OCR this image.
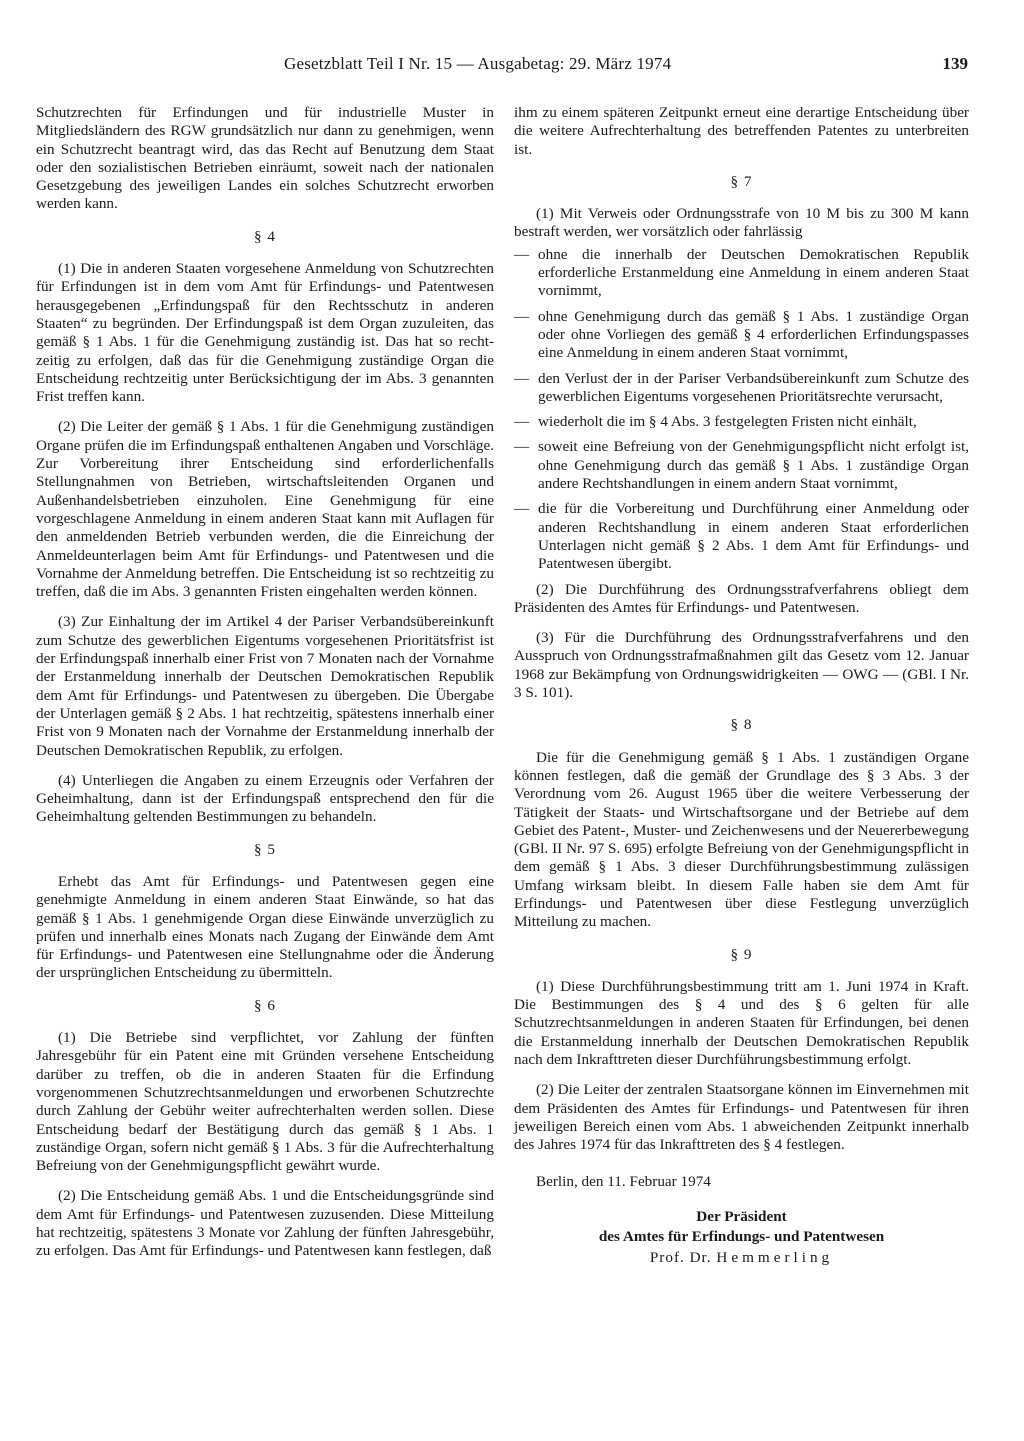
Gesetzblatt Teil I Nr. 15 — Ausgabetag: 29. März 1974	139

Schutzrechten für Erfindungen und für industrielle Muster in Mitgliedsländern des RGW grundsätzlich nur dann zu genehmigen, wenn ein Schutzrecht beantragt wird, das das Recht auf Benutzung dem Staat oder den sozialistischen Betrieben einräumt, soweit nach der nationalen Gesetzgebung des jeweiligen Landes ein solches Schutzrecht erworben werden kann.

§ 4

(1) Die in anderen Staaten vorgesehene Anmeldung von Schutzrechten für Erfindungen ist in dem vom Amt für Erfindungs- und Patentwesen herausgegebenen „Erfindungspaß für den Rechtsschutz in anderen Staaten“ zu begründen. Der Erfindungspaß ist dem Organ zuzuleiten, das gemäß § 1 Abs. 1 für die Genehmigung zuständig ist. Das hat so rechtzeitig zu erfolgen, daß das für die Genehmigung zuständige Organ die Entscheidung rechtzeitig unter Berücksichtigung der im Abs. 3 genannten Frist treffen kann.

(2) Die Leiter der gemäß § 1 Abs. 1 für die Genehmigung zuständigen Organe prüfen die im Erfindungspaß enthaltenen Angaben und Vorschläge. Zur Vorbereitung ihrer Entscheidung sind erforderlichenfalls Stellungnahmen von Betrieben, wirtschaftsleitenden Organen und Außenhandelsbetrieben einzuholen. Eine Genehmigung für eine vorgeschlagene Anmeldung in einem anderen Staat kann mit Auflagen für den anmeldenden Betrieb verbunden werden, die die Einreichung der Anmeldeunterlagen beim Amt für Erfindungs- und Patentwesen und die Vornahme der Anmeldung betreffen. Die Entscheidung ist so rechtzeitig zu treffen, daß die im Abs. 3 genannten Fristen eingehalten werden können.

(3) Zur Einhaltung der im Artikel 4 der Pariser Verbandsübereinkunft zum Schutze des gewerblichen Eigentums vorgesehenen Prioritätsfrist ist der Erfindungspaß innerhalb einer Frist von 7 Monaten nach der Vornahme der Erstanmeldung innerhalb der Deutschen Demokratischen Republik dem Amt für Erfindungs- und Patentwesen zu übergeben. Die Übergabe der Unterlagen gemäß § 2 Abs. 1 hat rechtzeitig, spätestens innerhalb einer Frist von 9 Monaten nach der Vornahme der Erstanmeldung innerhalb der Deutschen Demokratischen Republik, zu erfolgen.

(4) Unterliegen die Angaben zu einem Erzeugnis oder Verfahren der Geheimhaltung, dann ist der Erfindungspaß entsprechend den für die Geheimhaltung geltenden Bestimmungen zu behandeln.

§ 5

Erhebt das Amt für Erfindungs- und Patentwesen gegen eine genehmigte Anmeldung in einem anderen Staat Einwände, so hat das gemäß § 1 Abs. 1 genehmigende Organ diese Einwände unverzüglich zu prüfen und innerhalb eines Monats nach Zugang der Einwände dem Amt für Erfindungs- und Patentwesen eine Stellungnahme oder die Änderung der ursprünglichen Entscheidung zu übermitteln.

§ 6

(1) Die Betriebe sind verpflichtet, vor Zahlung der fünften Jahresgebühr für ein Patent eine mit Gründen versehene Entscheidung darüber zu treffen, ob die in anderen Staaten für die Erfindung vorgenommenen Schutzrechtsanmeldungen und erworbenen Schutzrechte durch Zahlung der Gebühr weiter aufrechterhalten werden sollen. Diese Entscheidung bedarf der Bestätigung durch das gemäß § 1 Abs. 1 zuständige Organ, sofern nicht gemäß § 1 Abs. 3 für die Aufrechterhaltung Befreiung von der Genehmigungspflicht gewährt wurde.

(2) Die Entscheidung gemäß Abs. 1 und die Entscheidungsgründe sind dem Amt für Erfindungs- und Patentwesen zuzusenden. Diese Mitteilung hat rechtzeitig, spätestens 3 Monate vor Zahlung der fünften Jahresgebühr, zu erfolgen. Das Amt für Erfindungs- und Patentwesen kann festlegen, daß

ihm zu einem späteren Zeitpunkt erneut eine derartige Entscheidung über die weitere Aufrechterhaltung des betreffenden Patentes zu unterbreiten ist.

§ 7

(1) Mit Verweis oder Ordnungsstrafe von 10 M bis zu 300 M kann bestraft werden, wer vorsätzlich oder fahrlässig

— ohne die innerhalb der Deutschen Demokratischen Republik erforderliche Erstanmeldung eine Anmeldung in einem anderen Staat vornimmt,
— ohne Genehmigung durch das gemäß § 1 Abs. 1 zuständige Organ oder ohne Vorliegen des gemäß § 4 erforderlichen Erfindungspasses eine Anmeldung in einem anderen Staat vornimmt,
— den Verlust der in der Pariser Verbandsübereinkunft zum Schutze des gewerblichen Eigentums vorgesehenen Prioritätsrechte verursacht,
— wiederholt die im § 4 Abs. 3 festgelegten Fristen nicht einhält,
— soweit eine Befreiung von der Genehmigungspflicht nicht erfolgt ist, ohne Genehmigung durch das gemäß § 1 Abs. 1 zuständige Organ andere Rechtshandlungen in einem andern Staat vornimmt,
— die für die Vorbereitung und Durchführung einer Anmeldung oder anderen Rechtshandlung in einem anderen Staat erforderlichen Unterlagen nicht gemäß § 2 Abs. 1 dem Amt für Erfindungs- und Patentwesen übergibt.

(2) Die Durchführung des Ordnungsstrafverfahrens obliegt dem Präsidenten des Amtes für Erfindungs- und Patentwesen.

(3) Für die Durchführung des Ordnungsstrafverfahrens und den Ausspruch von Ordnungsstrafmaßnahmen gilt das Gesetz vom 12. Januar 1968 zur Bekämpfung von Ordnungswidrigkeiten — OWG — (GBl. I Nr. 3 S. 101).

§ 8

Die für die Genehmigung gemäß § 1 Abs. 1 zuständigen Organe können festlegen, daß die gemäß der Grundlage des § 3 Abs. 3 der Verordnung vom 26. August 1965 über die weitere Verbesserung der Tätigkeit der Staats- und Wirtschaftsorgane und der Betriebe auf dem Gebiet des Patent-, Muster- und Zeichenwesens und der Neuererbewegung (GBl. II Nr. 97 S. 695) erfolgte Befreiung von der Genehmigungspflicht in dem gemäß § 1 Abs. 3 dieser Durchführungsbestimmung zulässigen Umfang wirksam bleibt. In diesem Falle haben sie dem Amt für Erfindungs- und Patentwesen über diese Festlegung unverzüglich Mitteilung zu machen.

§ 9

(1) Diese Durchführungsbestimmung tritt am 1. Juni 1974 in Kraft. Die Bestimmungen des § 4 und des § 6 gelten für alle Schutzrechtsanmeldungen in anderen Staaten für Erfindungen, bei denen die Erstanmeldung innerhalb der Deutschen Demokratischen Republik nach dem Inkrafttreten dieser Durchführungsbestimmung erfolgt.

(2) Die Leiter der zentralen Staatsorgane können im Einvernehmen mit dem Präsidenten des Amtes für Erfindungs- und Patentwesen für ihren jeweiligen Bereich einen vom Abs. 1 abweichenden Zeitpunkt innerhalb des Jahres 1974 für das Inkrafttreten des § 4 festlegen.

Berlin, den 11. Februar 1974

Der Präsident

des Amtes für Erfindungs- und Patentwesen

Prof. Dr. Hemmerling
